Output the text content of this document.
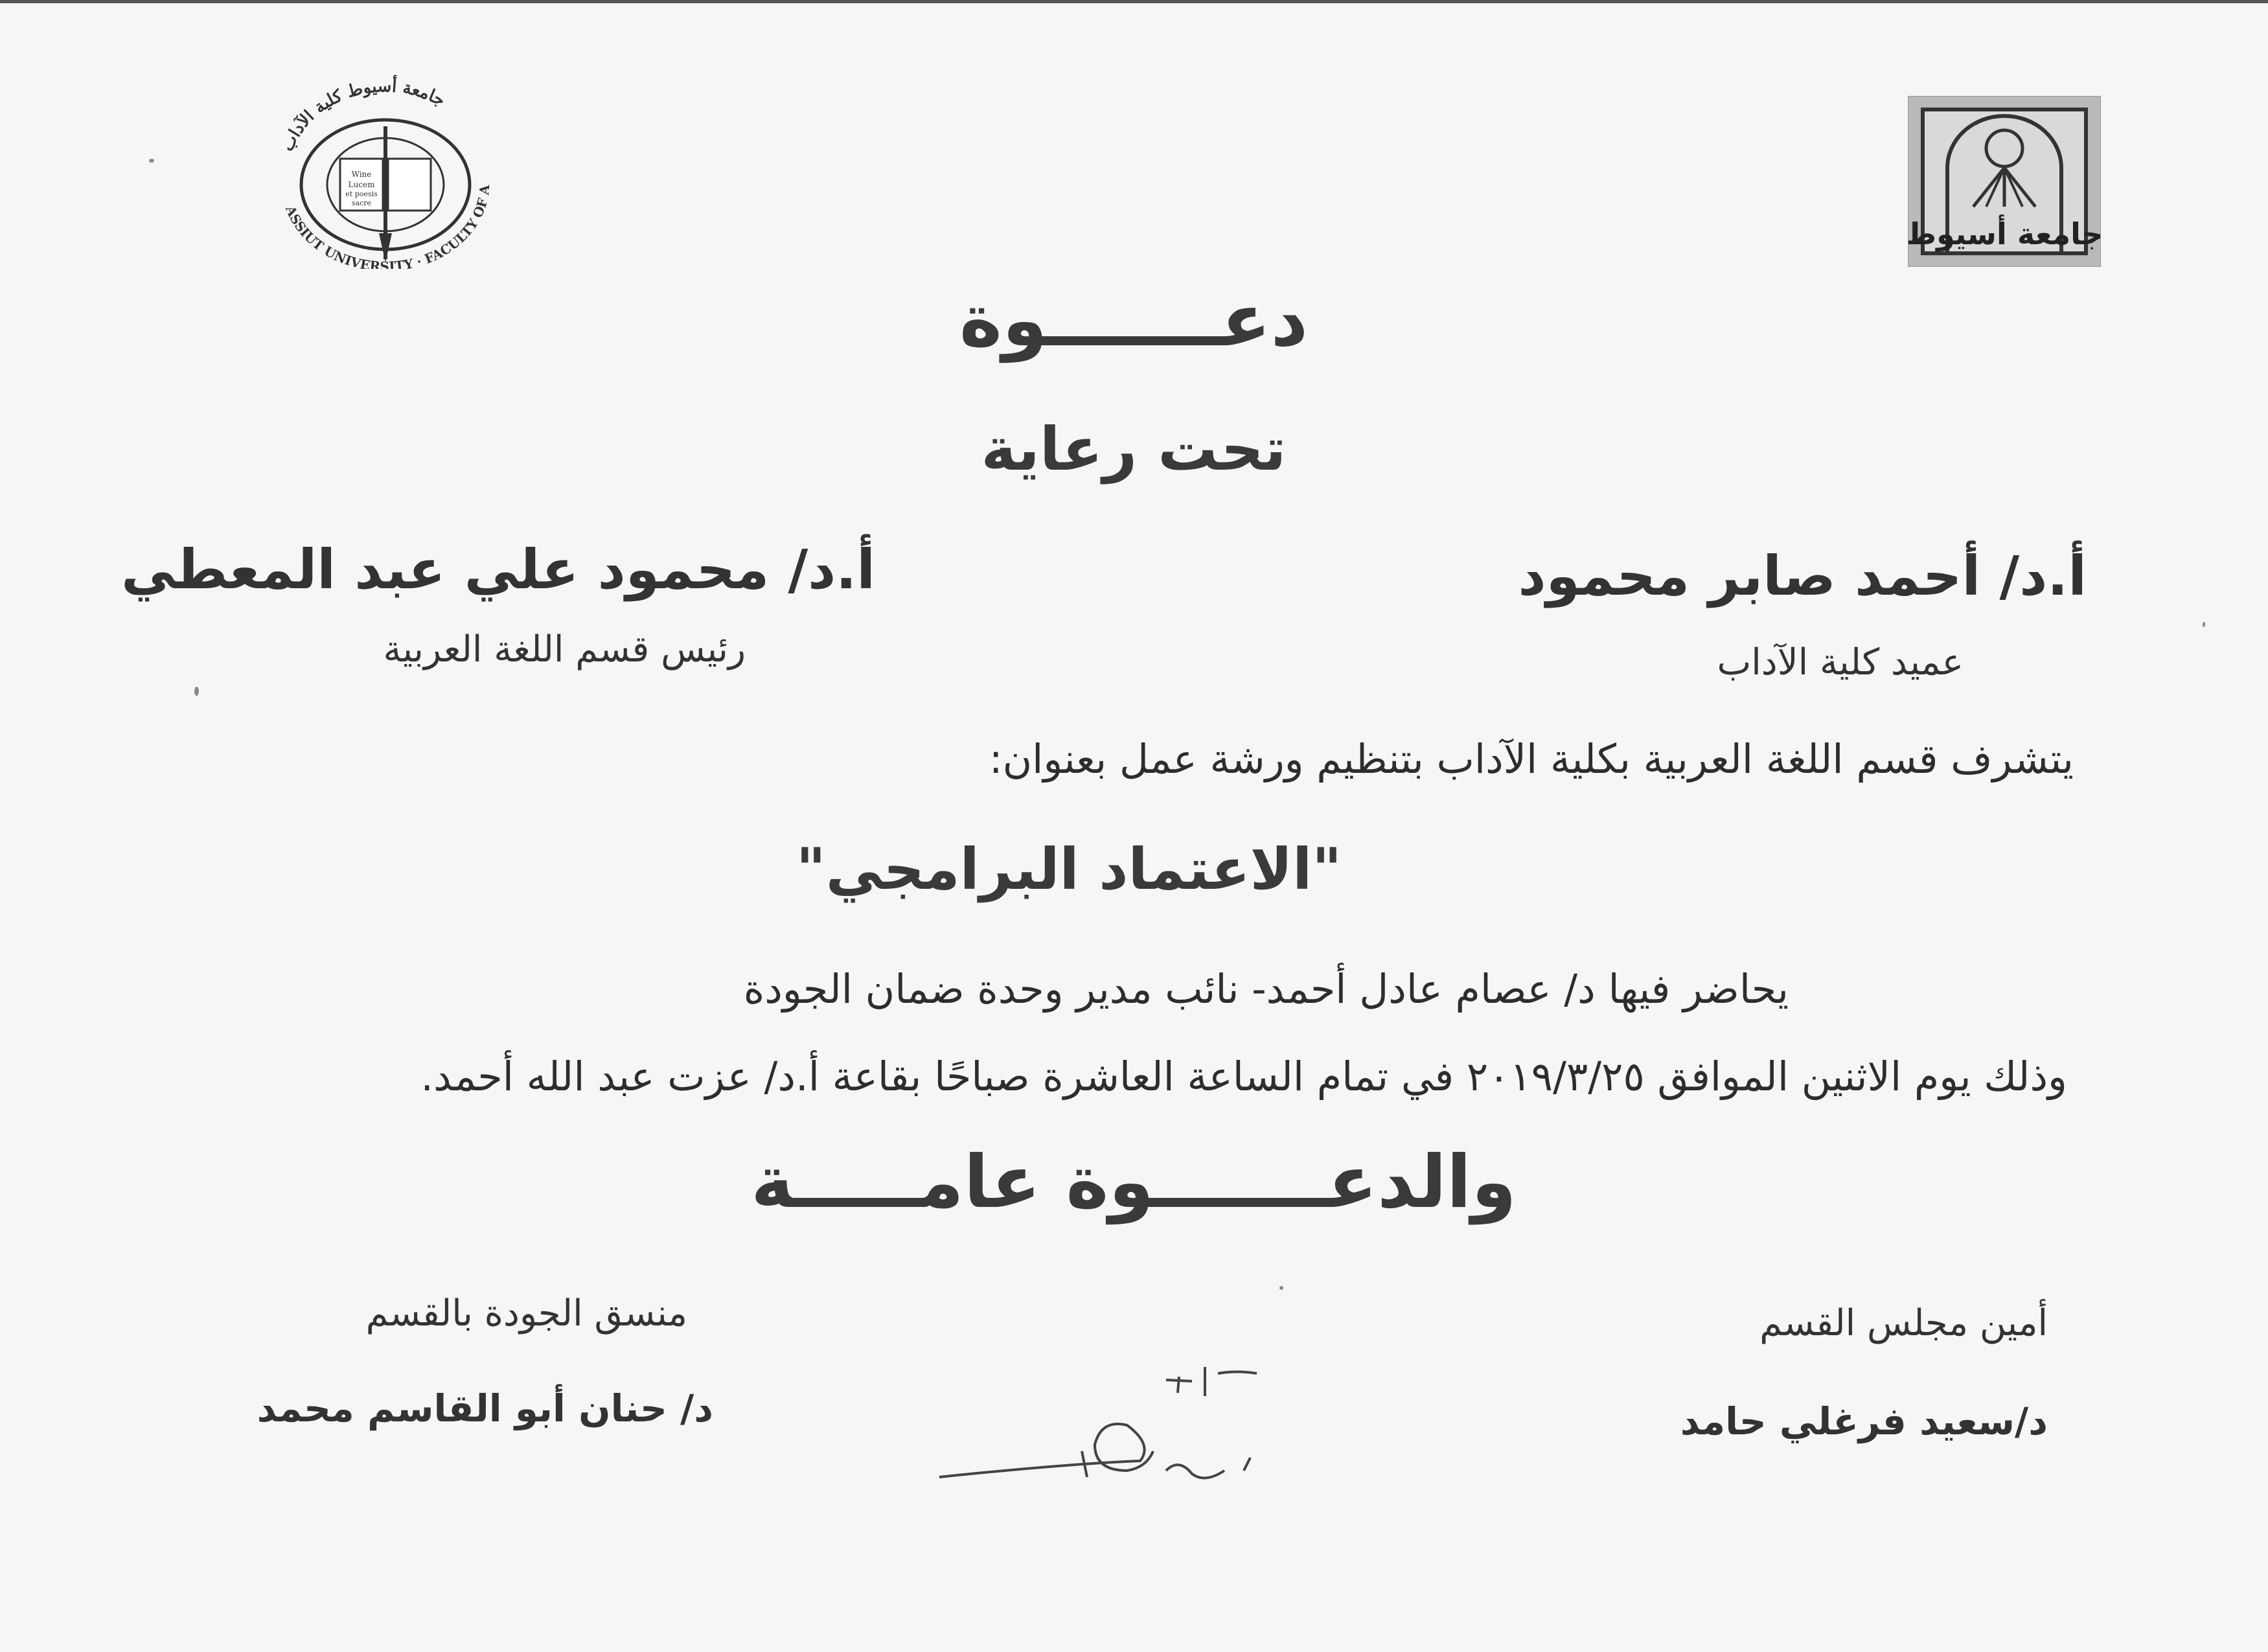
جامعة أسيوط كلية الآداب
ASSIUT UNIVERSITY · FACULTY OF A
Wine
Lucem
et poesis
sacre
جامعة أسيوط
دعـــــــوة
تحت رعاية
أ.د/ أحمد صابر محمود
عميد كلية الآداب
أ.د/ محمود علي عبد المعطي
رئيس قسم اللغة العربية
يتشرف قسم اللغة العربية بكلية الآداب بتنظيم ورشة عمل بعنوان:
"الاعتماد البرامجي"
يحاضر فيها د/ عصام عادل أحمد- نائب مدير وحدة ضمان الجودة
وذلك يوم الاثنين الموافق ٢٠١٩/٣/٢٥ في تمام الساعة العاشرة صباحًا بقاعة أ.د/ عزت عبد الله أحمد.
والدعـــــــوة عامـــــة
أمين مجلس القسم
د/سعيد فرغلي حامد
منسق الجودة بالقسم
د/ حنان أبو القاسم محمد
